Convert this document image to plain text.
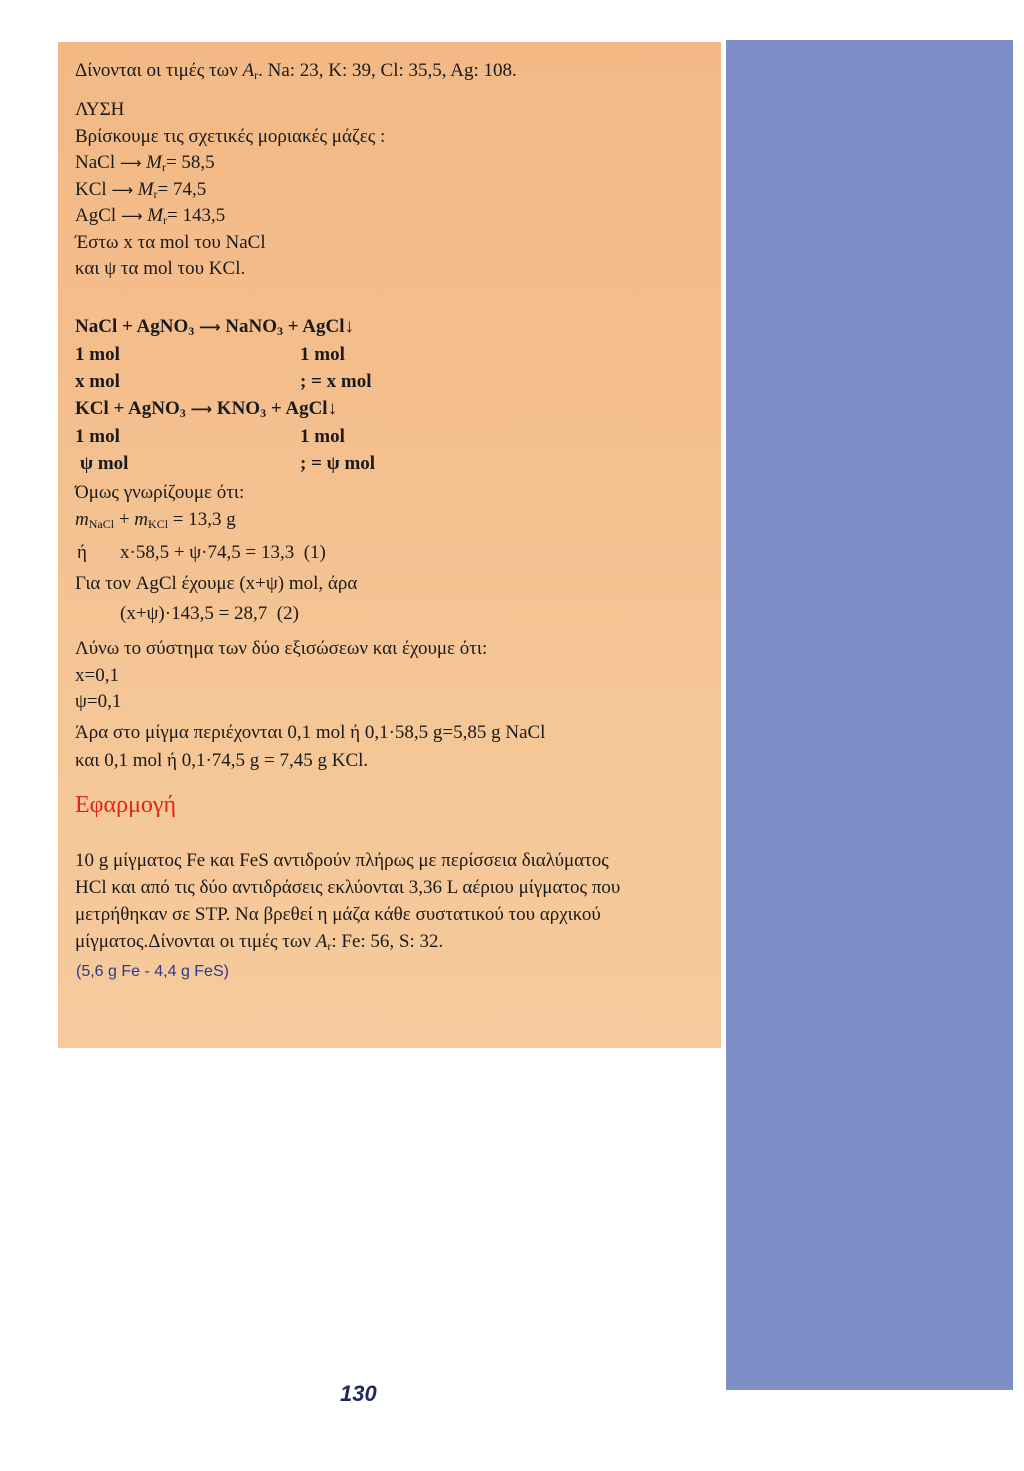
Δίνονται οι τιμές των $A_r$. Na: 23, K: 39, Cl: 35,5, Ag: 108.
ΛΥΣΗ
Βρίσκουμε τις σχετικές μοριακές μάζες :
NaCl ⟶ $M_r= 58,5$
KCl ⟶ $M_r= 74,5$
AgCl ⟶ $M_r= 143,5$
Έστω x τα mol του NaCl
και ψ τα mol του KCl.
NaCl + AgNO$_3$ ⟶ NaNO$_3$ + AgCl↓
1 mol	1 mol
x mol	; = x mol
KCl + AgNO$_3$ ⟶ $KNO_3$ + AgCl↓
1 mol	1 mol
ψ mol	; = ψ mol
Όμως γνωρίζουμε ότι:
$m_{NaCl} + m_{KCl} = 13,3$ g
ή x·58,5 + ψ·74,5 = 13,3  (1)
Για τον AgCl έχουμε (x+ψ) mol, άρα
(x+ψ)·143,5 = 28,7  (2)
Λύνω το σύστημα των δύο εξισώσεων και έχουμε ότι:
x=0,1
ψ=0,1
Άρα στο μίγμα περιέχονται 0,1 mol ή 0,1·58,5 g=5,85 g NaCl
και 0,1 mol ή 0,1·74,5 g = 7,45 g KCl.
Εφαρμογή
10 g μίγματος Fe και FeS αντιδρούν πλήρως με περίσσεια διαλύματος
HCl και από τις δύο αντιδράσεις εκλύονται 3,36 L αέριου μίγματος που
μετρήθηκαν σε STP. Να βρεθεί η μάζα κάθε συστατικού του αρχικού
μίγματος.Δίνονται οι τιμές των $A_r$: Fe: 56, S: 32.
(5,6 g Fe - 4,4 g FeS)
130
